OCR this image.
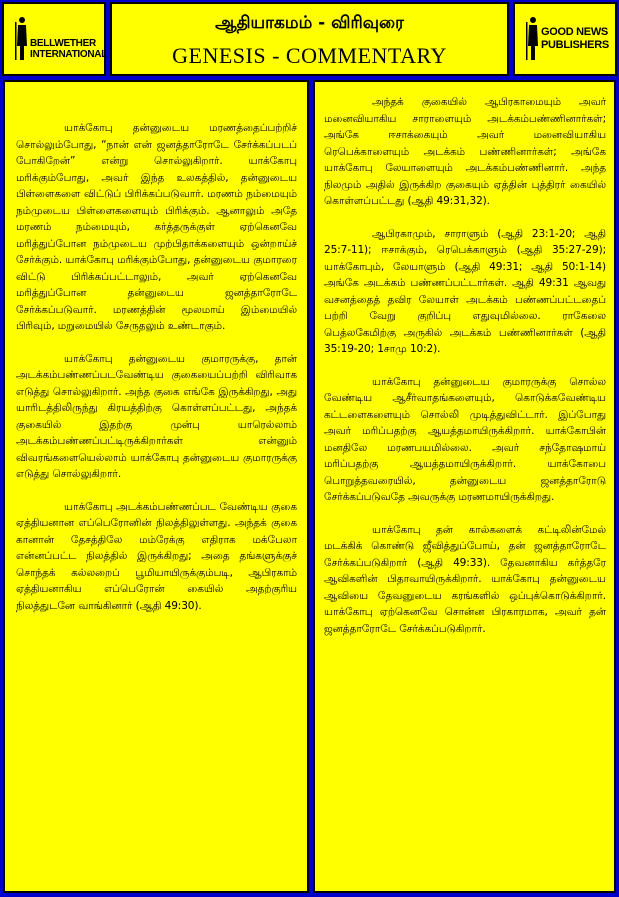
BELLWETHER INTERNATIONAL
ஆதியாகமம் - விரிவுரை
GENESIS - COMMENTARY
GOOD NEWS PUBLISHERS

யாக்கோபு தன்னுடைய மரணத்தைப்பற்றிச் சொல்லும்போது, “நான் என் ஜனத்தாரோடே சேர்க்கப்படப் போகிறேன்” என்று சொல்லுகிறார். யாக்கோபு மரிக்கும்போது, அவர் இந்த உலகத்தில், தன்னுடைய பிள்ளைகளை விட்டுப் பிரிக்கப்படுவார். மரணம் நம்மையும் நம்முடைய பிள்ளைகளையும் பிரிக்கும். ஆனாலும் அதே மரணம் நம்மையும், கர்த்தருக்குள் ஏற்கெனவே மரித்துப்போன நம்முடைய முற்பிதாக்களையும் ஒன்றாய்ச் சேர்க்கும். யாக்கோபு மரிக்கும்போது, தன்னுடைய குமாரரை விட்டு பிரிக்கப்பட்டாலும், அவர் ஏற்கெனவே மரித்துப்போன தன்னுடைய ஜனத்தாரோடே சேர்க்கப்படுவார். மரணத்தின் மூலமாய் இம்மையில் பிரிவும், மறுமையில் சேருதலும் உண்டாகும்.

யாக்கோபு தன்னுடைய குமாரருக்கு, தான் அடக்கம்பண்ணப்படவேண்டிய குகையைப்பற்றி விரிவாக எடுத்து சொல்லுகிறார். அந்த குகை எங்கே இருக்கிறது, அது யாரிடத்திலிருந்து கிரயத்திற்கு கொள்ளப்பட்டது, அந்தக் குகையில் இதற்கு முன்பு யாரெல்லாம் அடக்கம்பண்ணப்பட்டிருக்கிறார்கள் என்னும் விவரங்களையெல்லாம் யாக்கோபு தன்னுடைய குமாரருக்கு எடுத்து சொல்லுகிறார்.

யாக்கோபு அடக்கம்பண்ணப்பட வேண்டிய குகை ஏத்தியனான எப்பெரோனின் நிலத்திலுள்ளது. அந்தக் குகை கானான் தேசத்திலே மம்ரேக்கு எதிராக மக்பேலா என்னப்பட்ட நிலத்தில் இருக்கிறது; அதை தங்களுக்குச் சொந்தக் கல்லறைப் பூமியாயிருக்கும்படி, ஆபிரகாம் ஏத்தியனாகிய எப்பெரோன் கையில் அதற்குரிய நிலத்துடனே வாங்கினார் (ஆதி 49:30).

அந்தக் குகையில் ஆபிரகாமையும் அவர் மனைவியாகிய சாராளையும் அடக்கம்பண்ணினார்கள்; அங்கே ஈசாக்கையும் அவர் மனைவியாகிய ரெபெக்காளையும் அடக்கம் பண்ணினார்கள்; அங்கே யாக்கோபு லேயாளையும் அடக்கம்பண்ணினார். அந்த நிலமும் அதில் இருக்கிற குகையும் ஏத்தின் புத்திரர் கையில் கொள்ளப்பட்டது (ஆதி 49:31,32).

ஆபிரகாமும், சாராளும் (ஆதி 23:1-20; ஆதி 25:7-11); ஈசாக்கும், ரெபெக்காளும் (ஆதி 35:27-29); யாக்கோபும், லேயாளும் (ஆதி 49:31; ஆதி 50:1-14) அங்கே அடக்கம் பண்ணப்பட்டார்கள். ஆதி 49:31 ஆவது வசனத்தைத் தவிர லேயாள் அடக்கம் பண்ணப்பட்டதைப் பற்றி வேறு குறிப்பு எதுவுமில்லை. ராகேலை பெத்லகேமிற்கு அருகில் அடக்கம் பண்ணினார்கள் (ஆதி 35:19-20; 1சாமு 10:2).

யாக்கோபு தன்னுடைய குமாரருக்கு சொல்ல வேண்டிய ஆசீர்வாதங்களையும், கொடுக்கவேண்டிய கட்டளைகளையும் சொல்லி முடித்துவிட்டார். இப்போது அவர் மரிப்பதற்கு ஆயத்தமாயிருக்கிறார். யாக்கோபின் மனதிலே மரணபயமில்லை. அவர் சந்தோஷமாய் மரிப்பதற்கு ஆயத்தமாயிருக்கிறார். யாக்கோபை பொறுத்தவரையில், தன்னுடைய ஜனத்தாரோடு சேர்க்கப்படுவதே அவருக்கு மரணமாயிருக்கிறது.

யாக்கோபு தன் கால்களைக் கட்டிலின்மேல் மடக்கிக் கொண்டு ஜீவித்துப்போய், தன் ஜனத்தாரோடே சேர்க்கப்படுகிறார் (ஆதி 49:33). தேவனாகிய கர்த்தரே ஆவிகளின் பிதாவாயிருக்கிறார். யாக்கோபு தன்னுடைய ஆவியை தேவனுடைய கரங்களில் ஒப்புக்கொடுக்கிறார். யாக்கோபு ஏற்கெனவே சொன்ன பிரகாரமாக, அவர் தன் ஜனத்தாரோடே சேர்க்கப்படுகிறார்.
